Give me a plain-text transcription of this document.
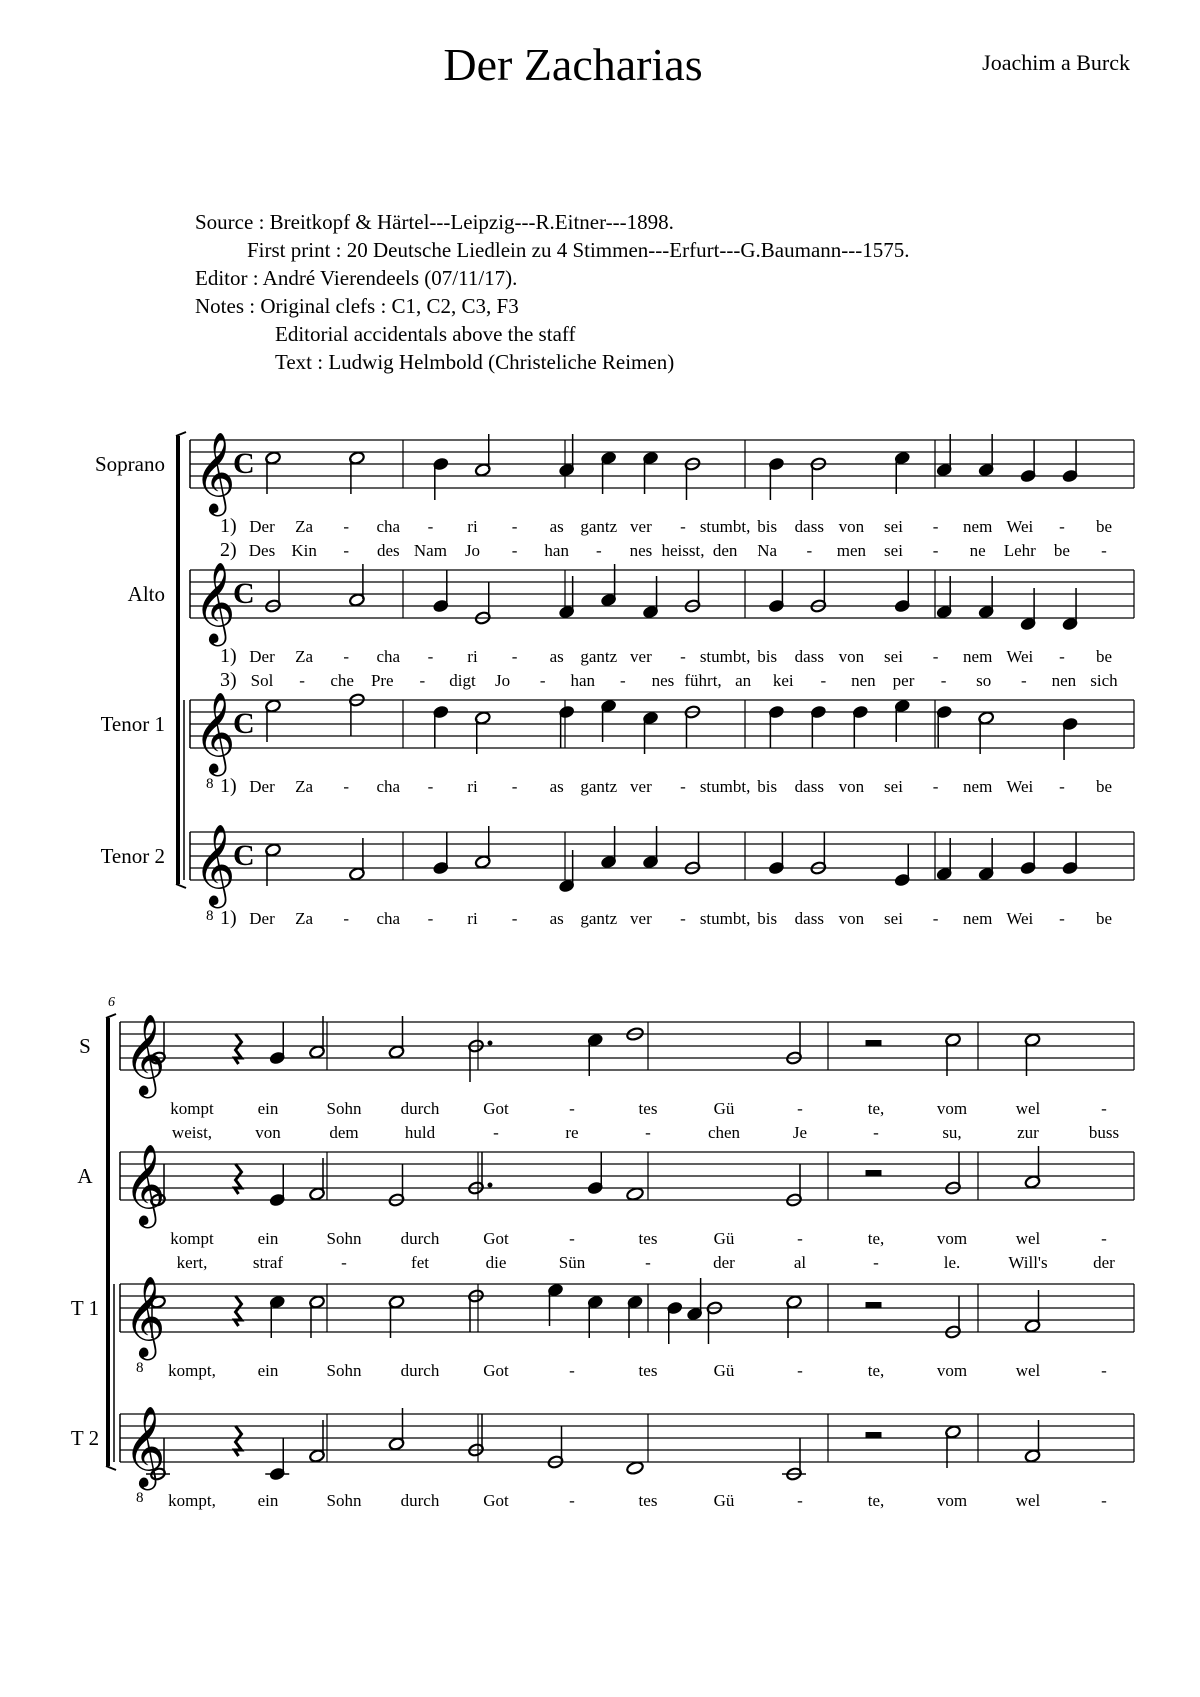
Der Zacharias	Joachim a Burck
Source : Breitkopf & Härtel---Leipzig---R.Eitner---1898.
First print : 20 Deutsche Liedlein zu 4 Stimmen---Erfurt---G.Baumann---1575.
Editor : André Vierendeels (07/11/17).
Notes : Original clefs : C1, C2, C3, F3
Editorial accidentals above the staff
Text : Ludwig Helmbold (Christeliche Reimen)
Soprano 𝄞
C
1) Der Za - cha - ri - as gantz ver - stumbt, bis dass von sei - nem Wei - be
2) Des Kin - des Nam Jo - han - nes heisst, den Na - men sei - ne Lehr be -
Alto 𝄞
C
1) Der Za - cha - ri - as gantz ver - stumbt, bis dass von sei - nem Wei - be
3) Sol - che Pre - digt Jo - han - nes führt, an kei - nen per - so - nen sich
Tenor 1 𝄞
8
C
1) Der Za - cha - ri - as gantz ver - stumbt, bis dass von sei - nem Wei - be
Tenor 2 𝄞
8
C
1) Der Za - cha - ri - as gantz ver - stumbt, bis dass von sei - nem Wei - be
6
S 𝄞
kompt	ein	Sohn durch	Got	-	tes	Gü	-	te,	vom	wel	-
weist,	von	dem	huld	-	re	-	chen	Je	-	su,	zur	buss
A 𝄞
kompt	ein	Sohn durch	Got	-	tes	Gü	-	te,	vom	wel	-
kert,	straf	-	fet	die	Sün	-	der	al	-	le.	Will's	der
T 1 𝄞
8 kompt, ein	Sohn durch	Got	-	tes	Gü	-	te,	vom	wel	-
T 2 𝄞
8 kompt, ein	Sohn durch	Got	-	tes	Gü	-	te,	vom	wel	-
